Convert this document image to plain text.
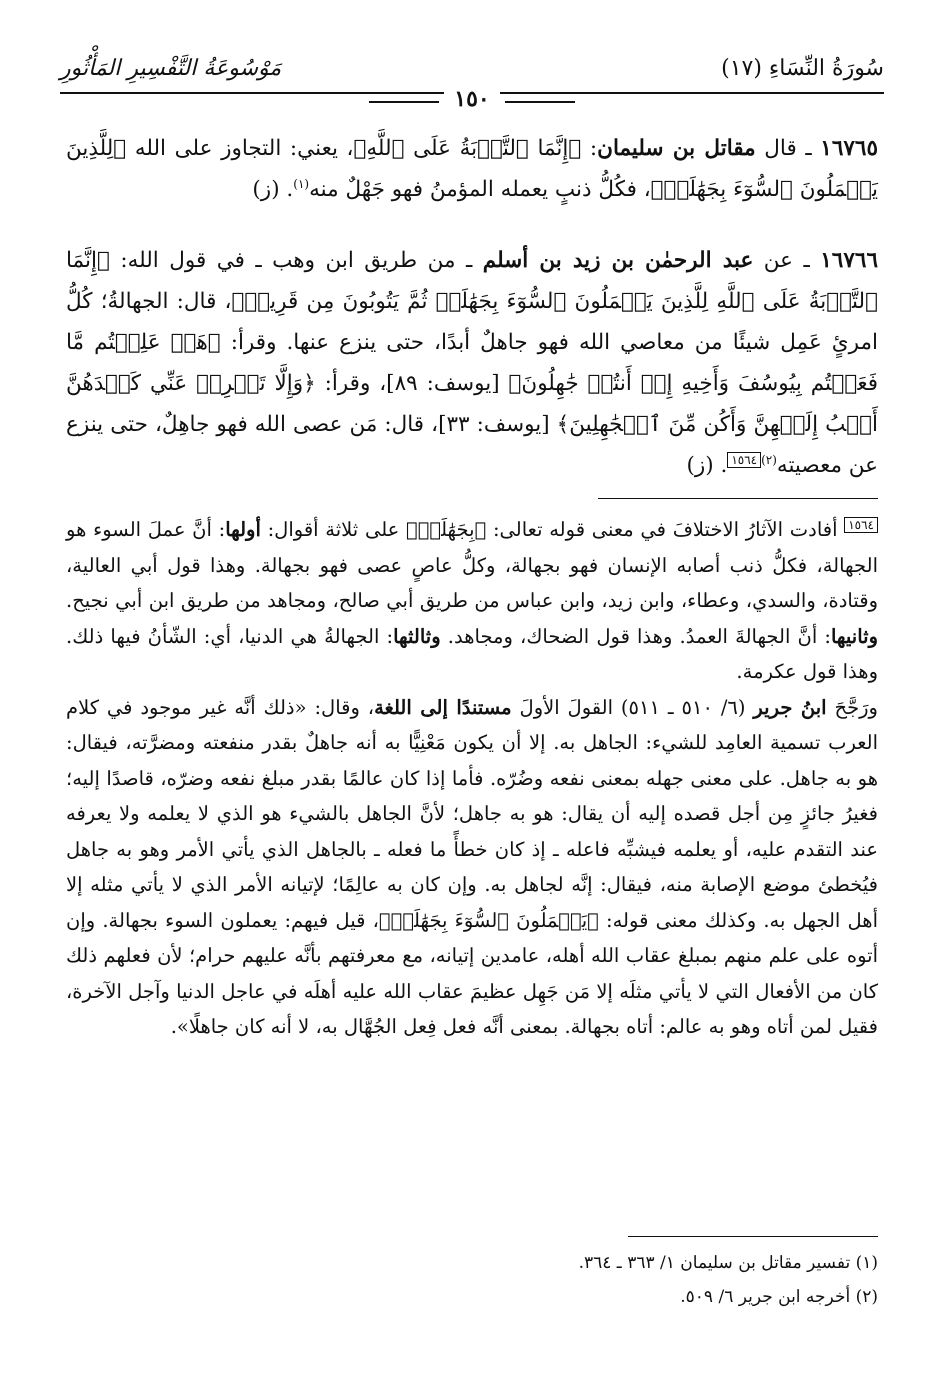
سُورَةُ النِّسَاءِ (١٧)
مَوْسُوعَةُ التَّفْسِيرِ المَأْثُورِ
١٥٠
١٦٧٦٥ ـ قال مقاتل بن سليمان: ﴿إِنَّمَا ٱلتَّوۡبَةُ عَلَى ٱللَّهِ﴾، يعني: التجاوز على الله ﴿لِلَّذِينَ يَعۡمَلُونَ ٱلسُّوٓءَ بِجَهَٰلَةٖ﴾، فكُلُّ ذنبٍ يعمله المؤمنُ فهو جَهْلٌ منه$^{(١)}$. (ز)
١٦٧٦٦ ـ عن عبد الرحمٰن بن زيد بن أسلم ـ من طريق ابن وهب ـ في قول الله: ﴿إِنَّمَا ٱلتَّوۡبَةُ عَلَى ٱللَّهِ لِلَّذِينَ يَعۡمَلُونَ ٱلسُّوٓءَ بِجَهَٰلَةٖ ثُمَّ يَتُوبُونَ مِن قَرِيبٖ﴾، قال: الجهالةُ؛ كُلُّ امرئٍ عَمِل شيئًا من معاصي الله فهو جاهلٌ أبدًا، حتى ينزع عنها. وقرأ: ﴿هَلۡ عَلِمۡتُم مَّا فَعَلۡتُم بِيُوسُفَ وَأَخِيهِ إِذۡ أَنتُمۡ جَٰهِلُونَ﴾ [يوسف: ٨٩]، وقرأ: ﴿وَإِلَّا تَصۡرِفۡ عَنِّي كَيۡدَهُنَّ أَصۡبُ إِلَيۡهِنَّ وَأَكُن مِّنَ ٱلۡجَٰهِلِينَ﴾ [يوسف: ٣٣]، قال: مَن عصى الله فهو جاهِلٌ، حتى ينزع عن معصيته$^{(٢)}$١٥٦٤. (ز)

١٥٦٤ أفادت الآثارُ الاختلافَ في معنى قوله تعالى: ﴿بِجَهَٰلَةٖ﴾ على ثلاثة أقوال: أولها: أنَّ عملَ السوء هو الجهالة، فكلُّ ذنب أصابه الإنسان فهو بجهالة، وكلُّ عاصٍ عصى فهو بجهالة. وهذا قول أبي العالية، وقتادة، والسدي، وعطاء، وابن زيد، وابن عباس من طريق أبي صالح، ومجاهد من طريق ابن أبي نجيح. وثانيها: أنَّ الجهالةَ العمدُ. وهذا قول الضحاك، ومجاهد. وثالثها: الجهالةُ هي الدنيا، أي: الشّأنُ فيها ذلك. وهذا قول عكرمة.

ورَجَّحَ ابنُ جرير (٦/ ٥١٠ ـ ٥١١) القولَ الأولَ مستندًا إلى اللغة، وقال: «ذلك أنَّه غير موجود في كلام العرب تسمية العامِد للشيء: الجاهل به. إلا أن يكون مَعْنِيًّا به أنه جاهلٌ بقدر منفعته ومضرَّته، فيقال: هو به جاهل. على معنى جهله بمعنى نفعه وضُرّه. فأما إذا كان عالمًا بقدر مبلغ نفعه وضرّه، قاصدًا إليه؛ فغيرُ جائزٍ مِن أجل قصده إليه أن يقال: هو به جاهل؛ لأنَّ الجاهل بالشيء هو الذي لا يعلمه ولا يعرفه عند التقدم عليه، أو يعلمه فيشبِّه فاعله ـ إذ كان خطأً ما فعله ـ بالجاهل الذي يأتي الأمر وهو به جاهل فيُخطئ موضع الإصابة منه، فيقال: إنَّه لجاهل به. وإن كان به عالِمًا؛ لإتيانه الأمر الذي لا يأتي مثله إلا أهل الجهل به. وكذلك معنى قوله: ﴿يَعۡمَلُونَ ٱلسُّوٓءَ بِجَهَٰلَةٖ﴾، قيل فيهم: يعملون السوء بجهالة. وإن أتوه على علم منهم بمبلغ عقاب الله أهله، عامدين إتيانه، مع معرفتهم بأنَّه عليهم حرام؛ لأن فعلهم ذلك كان من الأفعال التي لا يأتي مثلَه إلا مَن جَهِل عظيمَ عقاب الله عليه أهلَه في عاجل الدنيا وآجل الآخرة، فقيل لمن أتاه وهو به عالم: أتاه بجهالة. بمعنى أنَّه فعل فِعل الجُهَّال به، لا أنه كان جاهلًا».

(١) تفسير مقاتل بن سليمان ١/ ٣٦٣ ـ ٣٦٤.
(٢) أخرجه ابن جرير ٦/ ٥٠٩.
